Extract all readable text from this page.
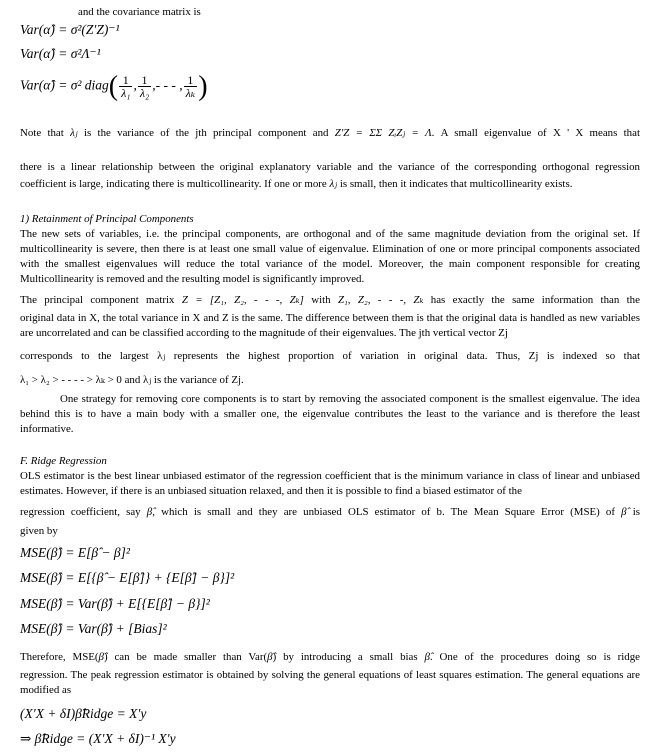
and the covariance matrix is
Var(α̂) = σ²(Z′Z)⁻¹
Var(α̂) = σ²Λ⁻¹
Var(α̂) = σ² diag( $\frac{1}{\text{λ₁}}$ , $\frac{1}{\text{λ₂}}$ ,- - - , $\frac{1}{\text{λₖ}}$ )
Note that λⱼ is the variance of the jth principal component and Z′Z = ΣΣ ZᵢZⱼ = Λ. A small eigenvalue of X ' X means that
there is a linear relationship between the original explanatory variable and the variance of the corresponding orthogonal regression
coefficient is large, indicating there is multicollinearity. If one or more λⱼ is small, then it indicates that multicollinearity exists.
1) Retainment of Principal Components
The new sets of variables, i.e. the principal components, are orthogonal and of the same magnitude deviation from the original set. If multicollinearity is severe, then there is at least one small value of eigenvalue. Elimination of one or more principal components associated with the smallest eigenvalues will reduce the total variance of the model. Moreover, the main component responsible for creating Multicollinearity is removed and the resulting model is significantly improved.
The principal component matrix Z = [Z₁, Z₂, - - -, Zₖ] with Z₁, Z₂, - - -, Zₖ has exactly the same information than the
original data in X, the total variance in X and Z is the same. The difference between them is that the original data is handled as new variables are uncorrelated and can be classified according to the magnitude of their eigenvalues. The jth vertical vector Zj
corresponds to the largest λⱼ represents the highest proportion of variation in original data. Thus, Zj is indexed so that
λ₁ > λ₂ > - - - - > λₖ > 0 and λⱼ is the variance of Zj.
One strategy for removing core components is to start by removing the associated component is the smallest eigenvalue. The idea behind this is to have a main body with a smaller one, the eigenvalue contributes the least to the variance and is therefore the least informative.
F. Ridge Regression
OLS estimator is the best linear unbiased estimator of the regression coefficient that is the minimum variance in class of linear and unbiased estimates. However, if there is an unbiased situation relaxed, and then it is possible to find a biased estimator of the
regression coefficient, say β̂, which is small and they are unbiased OLS estimator of b. The Mean Square Error (MSE) of β̂ is
given by
MSE(β̂) = E[β̂ − β]²
MSE(β̂) = E[{β̂ − E[β̂]} + {E[β̂] − β}]²
MSE(β̂) = Var(β̂) + E[{E[β̂] − β}]²
MSE(β̂) = Var(β̂) + [Bias]²
Therefore, MSE(β̂) can be made smaller than Var(β̂) by introducing a small bias β̂. One of the procedures doing so is ridge
regression. The peak regression estimator is obtained by solving the general equations of least squares estimation. The general equations are modified as
(X′X + δI)β̂Ridge = X′y
⇒ β̂Ridge = (X′X + δI)⁻¹ X′y
